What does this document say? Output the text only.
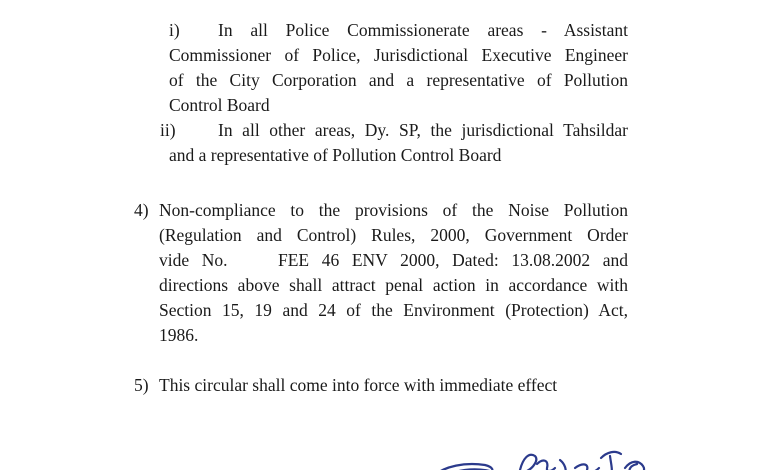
i) In all Police Commissionerate areas - Assistant
Commissioner of Police, Jurisdictional Executive Engineer
of the City Corporation and a representative of Pollution
Control Board
ii) In all other areas, Dy. SP, the jurisdictional Tahsildar
and a representative of Pollution Control Board
4) Non-compliance to the provisions of the Noise Pollution
(Regulation and Control) Rules, 2000, Government Order
vide No.    FEE 46 ENV 2000, Dated: 13.08.2002 and
directions above shall attract penal action in accordance with
Section 15, 19 and 24 of the Environment (Protection) Act,
1986.
5) This circular shall come into force with immediate effect
